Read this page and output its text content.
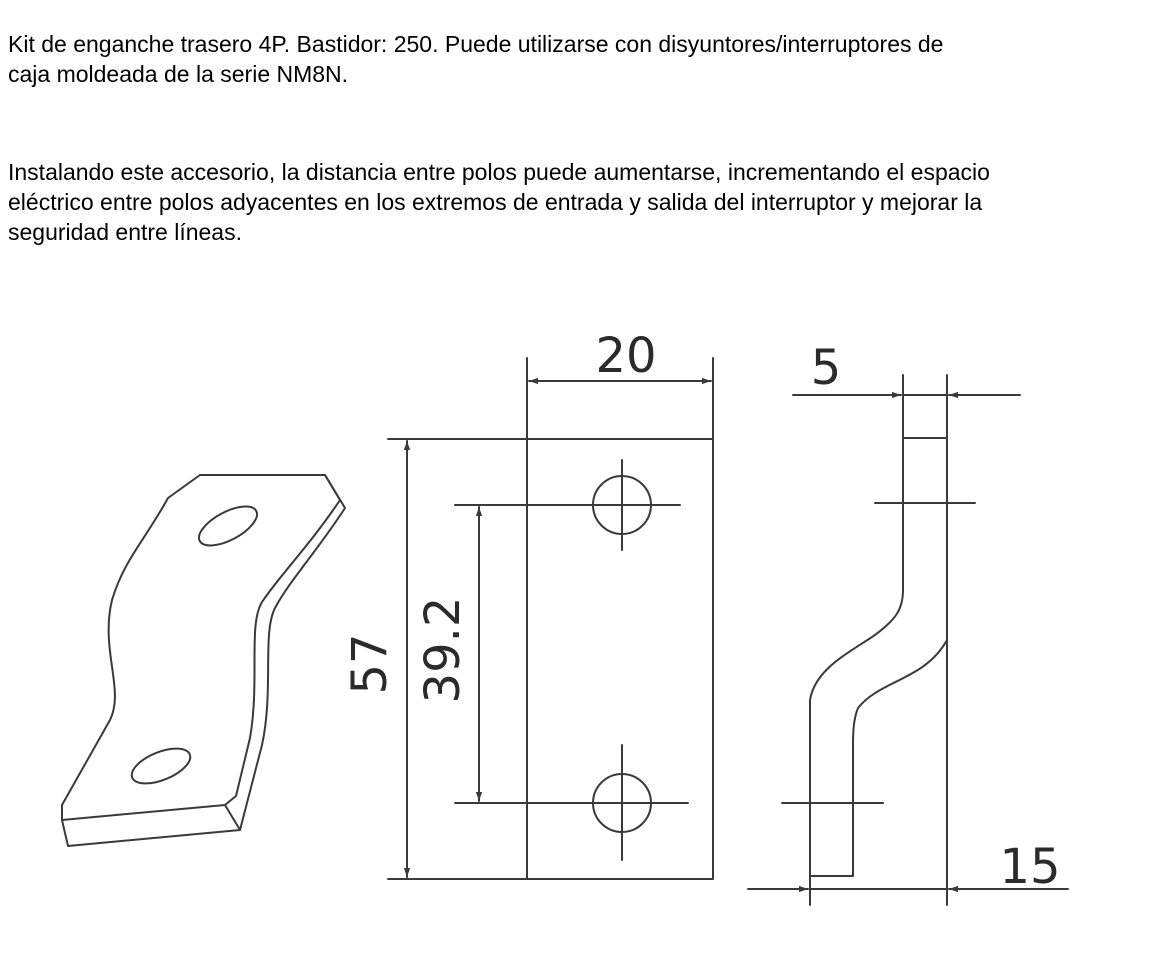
Kit de enganche trasero 4P. Bastidor: 250. Puede utilizarse con disyuntores/interruptores de
caja moldeada de la serie NM8N.

Instalando este accesorio, la distancia entre polos puede aumentarse, incrementando el espacio
eléctrico entre polos adyacentes en los extremos de entrada y salida del interruptor y mejorar la
seguridad entre líneas.

20	5
15
57 39.2
